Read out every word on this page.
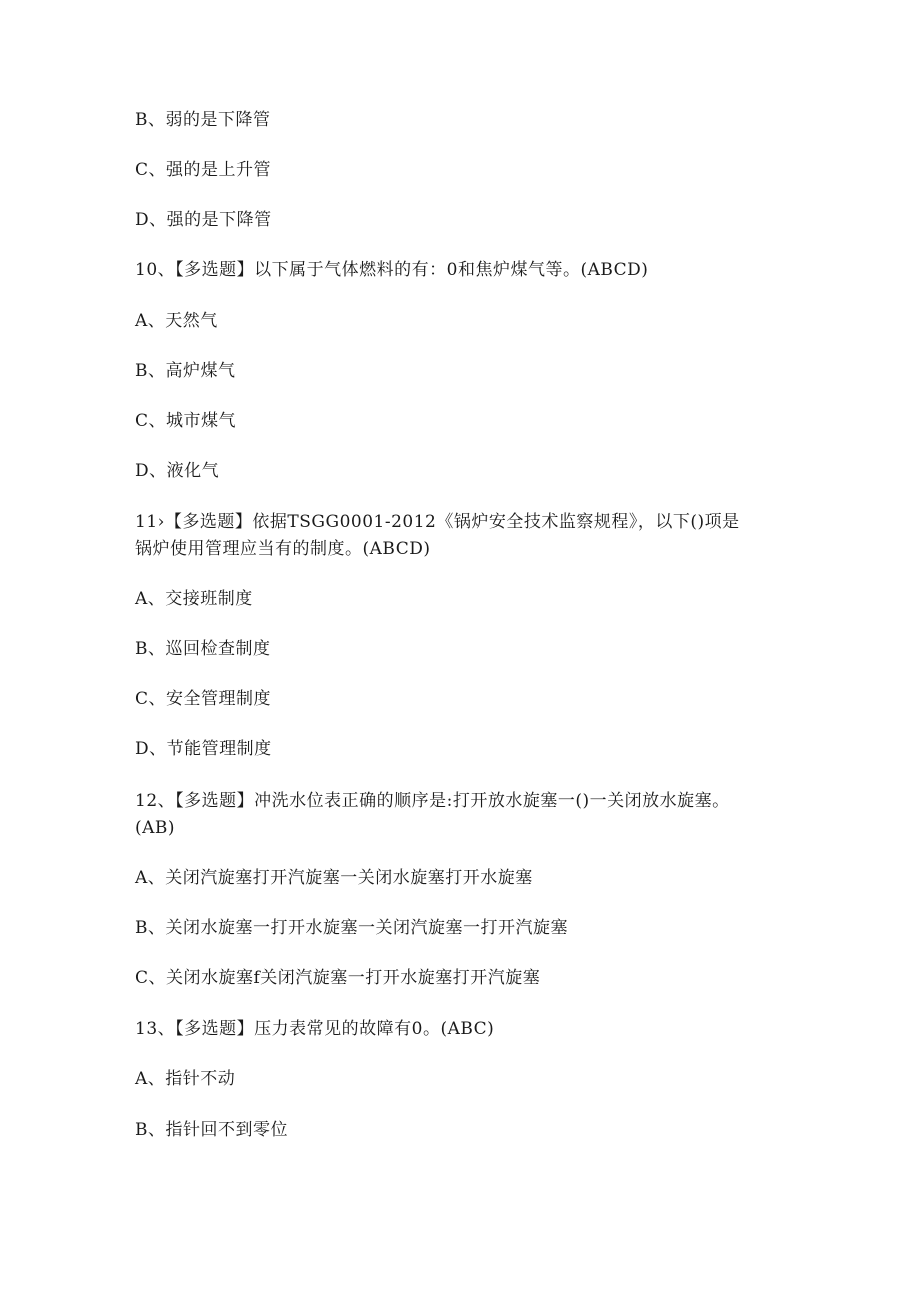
B、弱的是下降管
C、强的是上升管
D、强的是下降管
10、【多选题】以下属于气体燃料的有：0和焦炉煤气等。(ABCD)
A、天然气
B、高炉煤气
C、城市煤气
D、液化气
11›【多选题】依据TSGG0001-2012《锅炉安全技术监察规程》，以下()项是
锅炉使用管理应当有的制度。(ABCD)
A、交接班制度
B、巡回检查制度
C、安全管理制度
D、节能管理制度
12、【多选题】冲洗水位表正确的顺序是:打开放水旋塞一()一关闭放水旋塞。
(AB)
A、关闭汽旋塞打开汽旋塞一关闭水旋塞打开水旋塞
B、关闭水旋塞一打开水旋塞一关闭汽旋塞一打开汽旋塞
C、关闭水旋塞f关闭汽旋塞一打开水旋塞打开汽旋塞
13、【多选题】压力表常见的故障有0。(ABC)
A、指针不动
B、指针回不到零位
